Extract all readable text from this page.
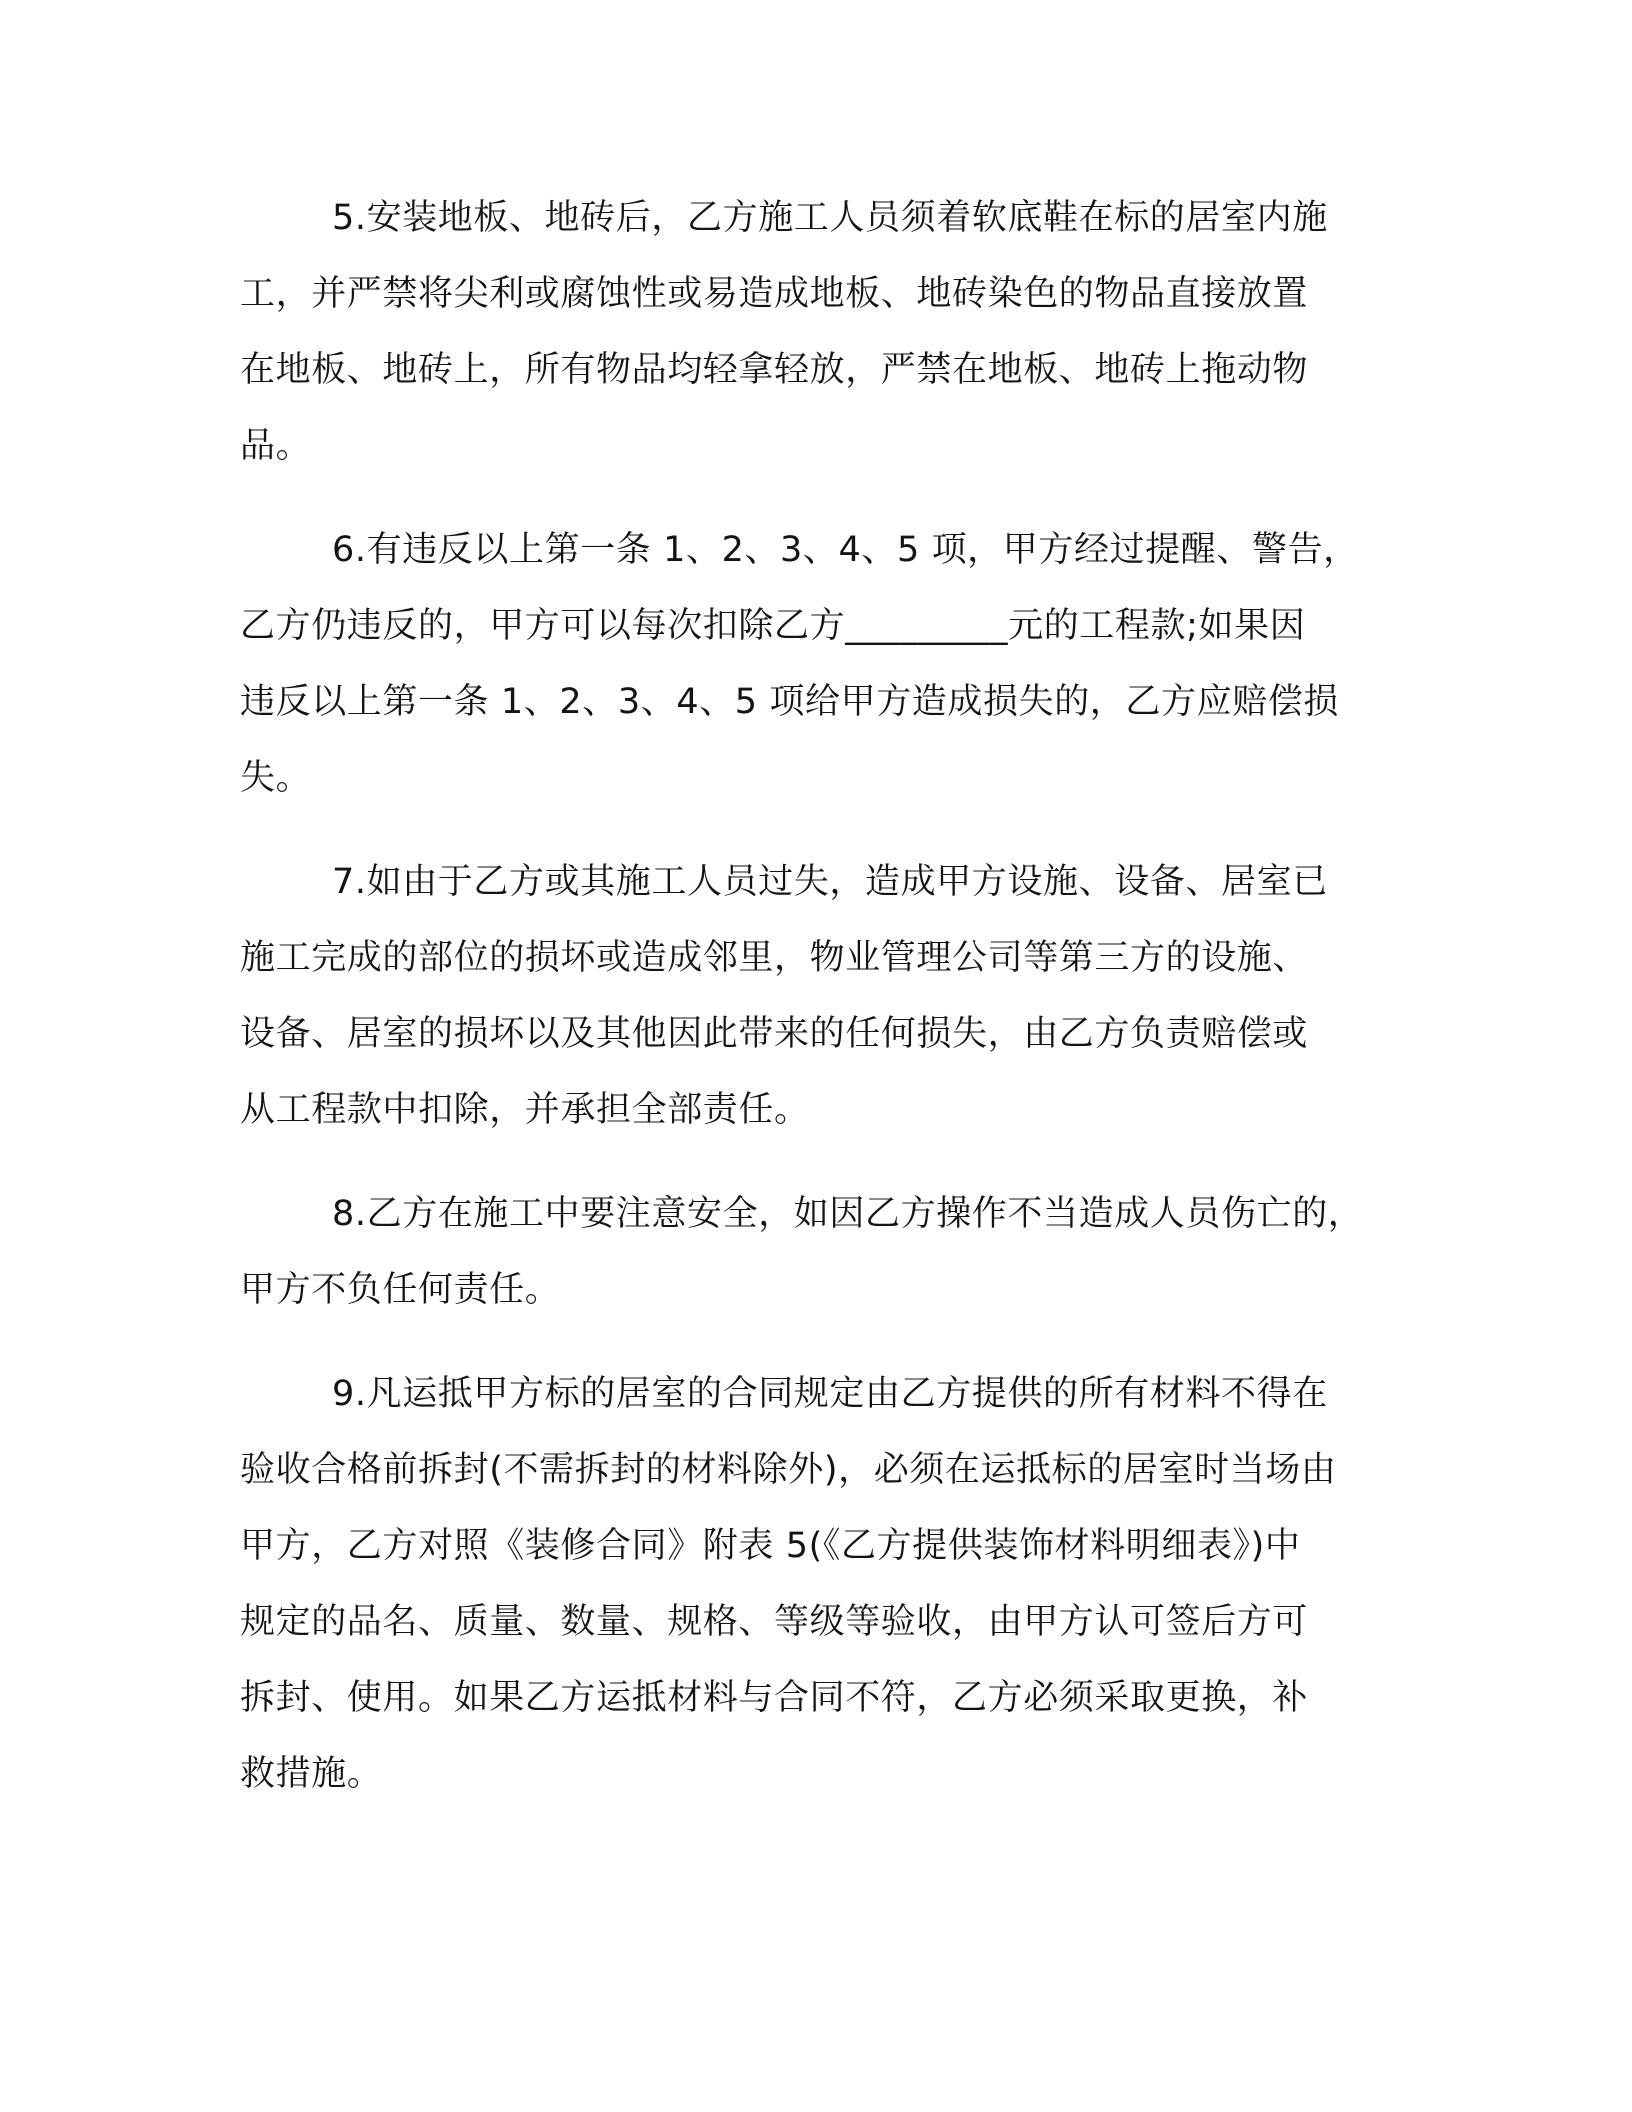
5.安装地板、地砖后，乙方施工人员须着软底鞋在标的居室内施

工，并严禁将尖利或腐蚀性或易造成地板、地砖染色的物品直接放置

在地板、地砖上，所有物品均轻拿轻放，严禁在地板、地砖上拖动物

品。

6.有违反以上第一条 1、2、3、4、5 项，甲方经过提醒、警告，

乙方仍违反的，甲方可以每次扣除乙方_________元的工程款;如果因

违反以上第一条 1、2、3、4、5 项给甲方造成损失的，乙方应赔偿损

失。

7.如由于乙方或其施工人员过失，造成甲方设施、设备、居室已

施工完成的部位的损坏或造成邻里，物业管理公司等第三方的设施、

设备、居室的损坏以及其他因此带来的任何损失，由乙方负责赔偿或

从工程款中扣除，并承担全部责任。

8.乙方在施工中要注意安全，如因乙方操作不当造成人员伤亡的，

甲方不负任何责任。

9.凡运抵甲方标的居室的合同规定由乙方提供的所有材料不得在

验收合格前拆封(不需拆封的材料除外)，必须在运抵标的居室时当场由

甲方，乙方对照《装修合同》附表 5(《乙方提供装饰材料明细表》)中

规定的品名、质量、数量、规格、等级等验收，由甲方认可签后方可

拆封、使用。如果乙方运抵材料与合同不符，乙方必须采取更换，补

救措施。
